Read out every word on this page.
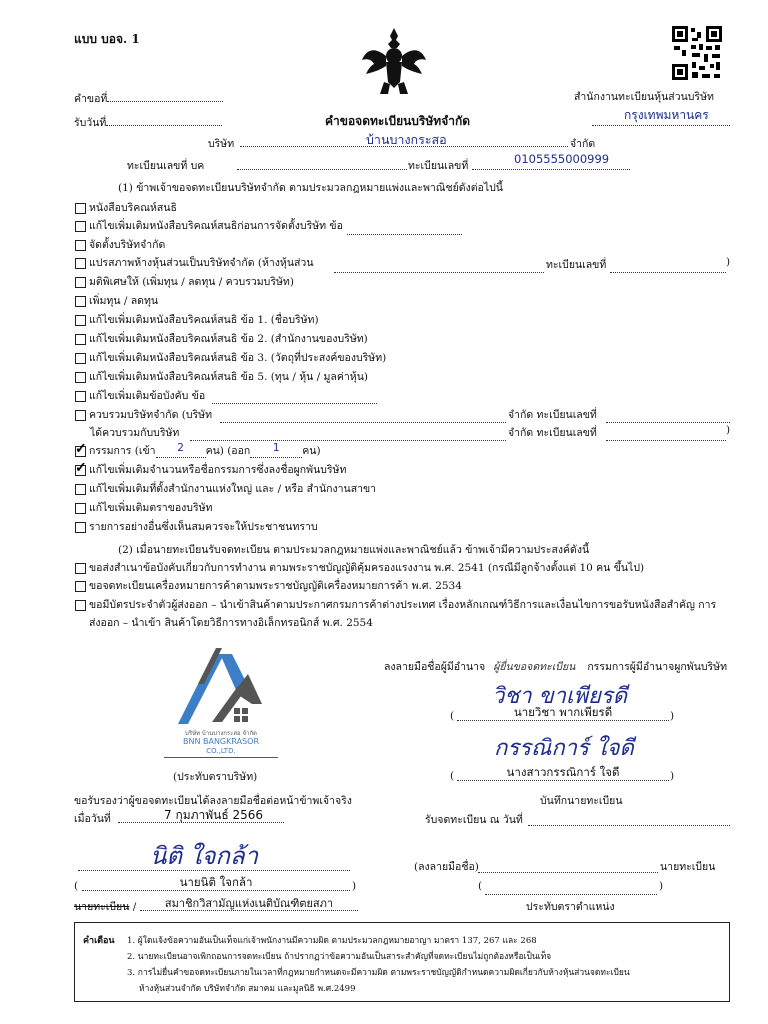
แบบ บอจ. 1
คำขอที่
รับวันที่	คำขอจดทะเบียนบริษัทจำกัด
สำนักงานทะเบียนหุ้นส่วนบริษัท
กรุงเทพมหานคร
บริษัท	บ้านบางกระสอ	จำกัด
ทะเบียนเลขที่ บค	ทะเบียนเลขที่	0105555000999
(1) ข้าพเจ้าขอจดทะเบียนบริษัทจำกัด ตามประมวลกฎหมายแพ่งและพาณิชย์ดังต่อไปนี้
หนังสือบริคณห์สนธิ
แก้ไขเพิ่มเติมหนังสือบริคณห์สนธิก่อนการจัดตั้งบริษัท ข้อ
จัดตั้งบริษัทจำกัด
แปรสภาพห้างหุ้นส่วนเป็นบริษัทจำกัด (ห้างหุ้นส่วน
มติพิเศษให้ (เพิ่มทุน / ลดทุน / ควบรวมบริษัท)
เพิ่มทุน / ลดทุน
แก้ไขเพิ่มเติมหนังสือบริคณห์สนธิ ข้อ 1. (ชื่อบริษัท)
แก้ไขเพิ่มเติมหนังสือบริคณห์สนธิ ข้อ 2. (สำนักงานของบริษัท)
แก้ไขเพิ่มเติมหนังสือบริคณห์สนธิ ข้อ 3. (วัตถุที่ประสงค์ของบริษัท)
แก้ไขเพิ่มเติมหนังสือบริคณห์สนธิ ข้อ 5. (ทุน / หุ้น / มูลค่าหุ้น)
แก้ไขเพิ่มเติมข้อบังคับ ข้อ
ควบรวมบริษัทจำกัด (บริษัท
ทะเบียนเลขที่	)
จำกัด ทะเบียนเลขที่
ได้ควบรวมกับบริษัท	จำกัด ทะเบียนเลขที่	)
✓
กรรมการ (เข้า 2 คน) (ออก 1 คน)
✓
แก้ไขเพิ่มเติมจำนวนหรือชื่อกรรมการซึ่งลงชื่อผูกพันบริษัท
แก้ไขเพิ่มเติมที่ตั้งสำนักงานแห่งใหญ่ และ / หรือ สำนักงานสาขา
แก้ไขเพิ่มเติมตราของบริษัท
รายการอย่างอื่นซึ่งเห็นสมควรจะให้ประชาชนทราบ
(2) เมื่อนายทะเบียนรับจดทะเบียน ตามประมวลกฎหมายแพ่งและพาณิชย์แล้ว ข้าพเจ้ามีความประสงค์ดังนี้
ขอส่งสำเนาข้อบังคับเกี่ยวกับการทำงาน ตามพระราชบัญญัติคุ้มครองแรงงาน พ.ศ. 2541 (กรณีมีลูกจ้างตั้งแต่ 10 คน ขึ้นไป)
ขอจดทะเบียนเครื่องหมายการค้าตามพระราชบัญญัติเครื่องหมายการค้า พ.ศ. 2534
ขอมีบัตรประจำตัวผู้ส่งออก – นำเข้าสินค้าตามประกาศกรมการค้าต่างประเทศ เรื่องหลักเกณฑ์วิธีการและเงื่อนไขการขอรับหนังสือสำคัญ การ
ส่งออก – นำเข้า สินค้าโดยวิธีการทางอิเล็กทรอนิกส์ พ.ศ. 2554
บริษัท บ้านบางกระสอ จำกัด
BNN BANGKRASOR
CO.,LTD.
(ประทับตราบริษัท)
ลงลายมือชื่อผู้มีอำนาจ ผู้ยื่นขอจดทะเบียน กรรมการผู้มีอำนาจผูกพันบริษัท
วิชา ขาเพียรดี
(	นายวิชา พากเพียรดี	)
กรรณิการ์ ใจดี
(	นางสาวกรรณิการ์ ใจดี	)
ขอรับรองว่าผู้ขอจดทะเบียนได้ลงลายมือชื่อต่อหน้าข้าพเจ้าจริง
เมื่อวันที่	7 กุมภาพันธ์ 2566
บันทึกนายทะเบียน
รับจดทะเบียน ณ วันที่
นิติ ใจกล้า
(	นายนิติ ใจกล้า	)
นายทะเบียน /	สมาชิกวิสามัญแห่งเนติบัณฑิตยสภา
(ลงลายมือชื่อ)	นายทะเบียน
(	)
ประทับตราตำแหน่ง
คำเตือน 1. ผู้ใดแจ้งข้อความอันเป็นเท็จแก่เจ้าพนักงานมีความผิด ตามประมวลกฎหมายอาญา มาตรา 137, 267 และ 268
2. นายทะเบียนอาจเพิกถอนการจดทะเบียน ถ้าปรากฏว่าข้อความอันเป็นสาระสำคัญที่จดทะเบียนไม่ถูกต้องหรือเป็นเท็จ
3. การไม่ยื่นคำขอจดทะเบียนภายในเวลาที่กฎหมายกำหนดจะมีความผิด ตามพระราชบัญญัติกำหนดความผิดเกี่ยวกับห้างหุ้นส่วนจดทะเบียน
ห้างหุ้นส่วนจำกัด บริษัทจำกัด สมาคม และมูลนิธิ พ.ศ.2499
